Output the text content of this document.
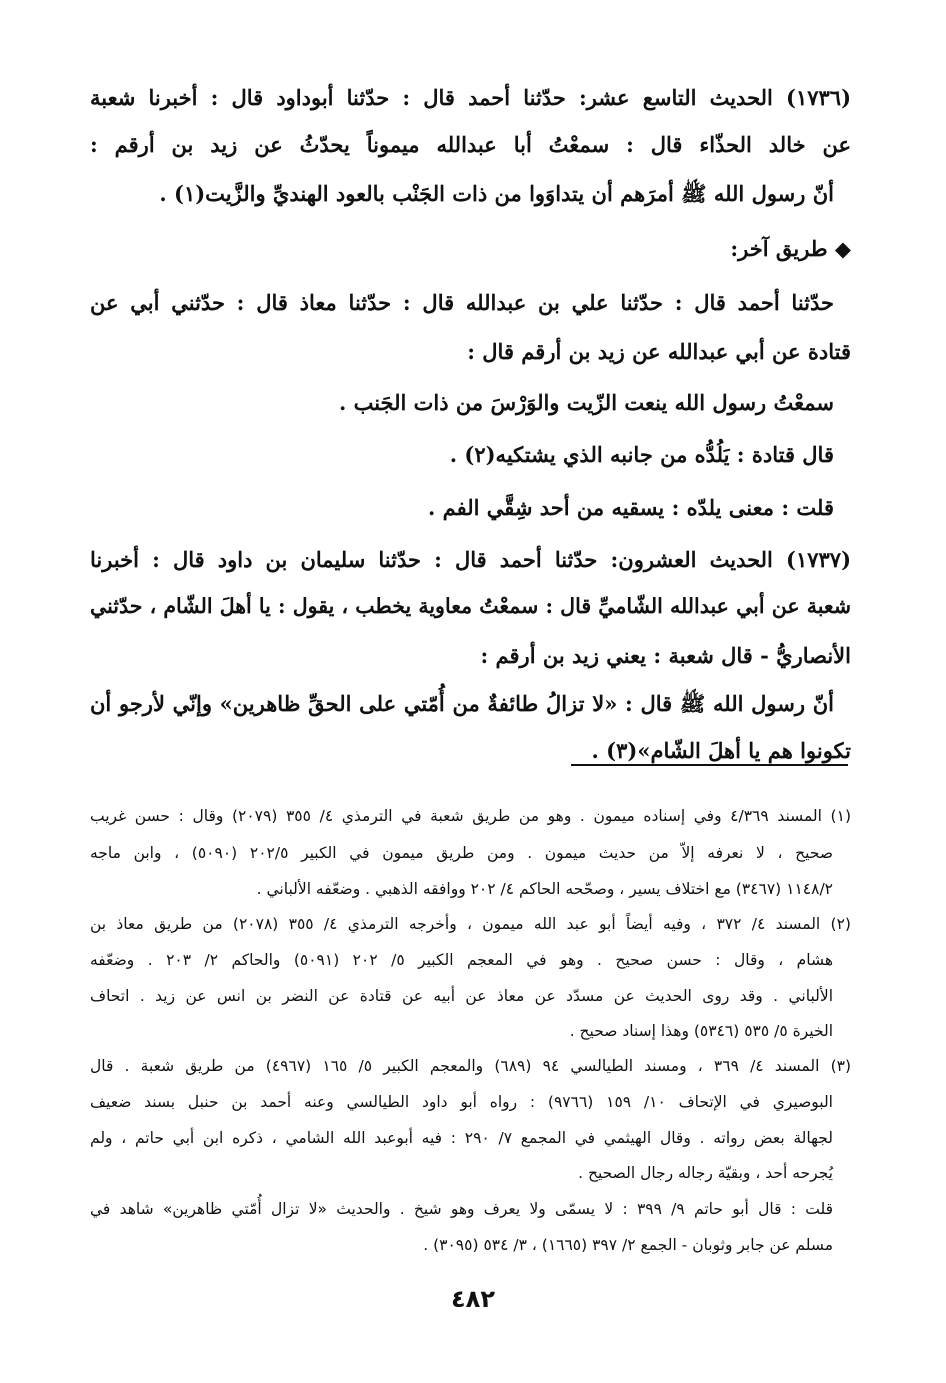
(١٧٣٦) الحديث التاسع عشر: حدّثنا أحمد قال : حدّثنا أبوداود قال : أخبرنا شعبة
عن خالد الحذّاء قال : سمعْتُ أبا عبدالله ميموناً يحدّثُ عن زيد بن أرقم :
أنّ رسول الله ﷺ أمرَهم أن يتداوَوا من ذات الجَنْب بالعود الهنديِّ والزَّيت(١) .
◆ طريق آخر:
حدّثنا أحمد قال : حدّثنا علي بن عبدالله قال : حدّثنا معاذ قال : حدّثني أبي عن
قتادة عن أبي عبدالله عن زيد بن أرقم قال :
سمعْتُ رسول الله ينعت الزّيت والوَرْسَ من ذات الجَنب .
قال قتادة : يَلُدُّه من جانبه الذي يشتكيه(٢) .
قلت : معنى يلدّه : يسقيه من أحد شِقَّي الفم .
(١٧٣٧) الحديث العشرون: حدّثنا أحمد قال : حدّثنا سليمان بن داود قال : أخبرنا
شعبة عن أبي عبدالله الشّاميِّ قال : سمعْتُ معاوية يخطب ، يقول : يا أهلَ الشّام ، حدّثني
الأنصاريُّ - قال شعبة : يعني زيد بن أرقم :
أنّ رسول الله ﷺ قال : «لا تزالُ طائفةٌ من أُمّتي على الحقِّ ظاهرين» وإنّي لأرجو أن
تكونوا هم يا أهلَ الشّام»(٣) .
(١) المسند ٤/٣٦٩ وفي إسناده ميمون . وهو من طريق شعبة في الترمذي ٤/ ٣٥٥ (٢٠٧٩) وقال : حسن غريب
صحيح ، لا نعرفه إلاّ من حديث ميمون . ومن طريق ميمون في الكبير ٢٠٢/٥ (٥٠٩٠) ، وابن ماجه
١١٤٨/٢ (٣٤٦٧) مع اختلاف يسير ، وصحّحه الحاكم ٤/ ٢٠٢ ووافقه الذهبي . وضعّفه الألباني .
(٢) المسند ٤/ ٣٧٢ ، وفيه أيضاً أبو عبد الله ميمون ، وأخرجه الترمذي ٤/ ٣٥٥ (٢٠٧٨) من طريق معاذ بن
هشام ، وقال : حسن صحيح . وهو في المعجم الكبير ٥/ ٢٠٢ (٥٠٩١) والحاكم ٢/ ٢٠٣ . وضعّفه
الألباني . وقد روى الحديث عن مسدّد عن معاذ عن أبيه عن قتادة عن النضر بن انس عن زيد . اتحاف
الخيرة ٥/ ٥٣٥ (٥٣٤٦) وهذا إسناد صحيح .
(٣) المسند ٤/ ٣٦٩ ، ومسند الطيالسي ٩٤ (٦٨٩) والمعجم الكبير ٥/ ١٦٥ (٤٩٦٧) من طريق شعبة . قال
البوصيري في الإتحاف ١٠/ ١٥٩ (٩٧٦٦) : رواه أبو داود الطيالسي وعنه أحمد بن حنبل بسند ضعيف
لجهالة بعض رواته . وقال الهيثمي في المجمع ٧/ ٢٩٠ : فيه أبوعبد الله الشامي ، ذكره ابن أبي حاتم ، ولم
يُجرحه أحد ، وبقيّة رجاله رجال الصحيح .
قلت : قال أبو حاتم ٩/ ٣٩٩ : لا يسمّى ولا يعرف وهو شيخ . والحديث «لا تزال أُمّتي ظاهرين» شاهد في
مسلم عن جابر وثوبان - الجمع ٢/ ٣٩٧ (١٦٦٥) ، ٣/ ٥٣٤ (٣٠٩٥) .
٤٨٢
